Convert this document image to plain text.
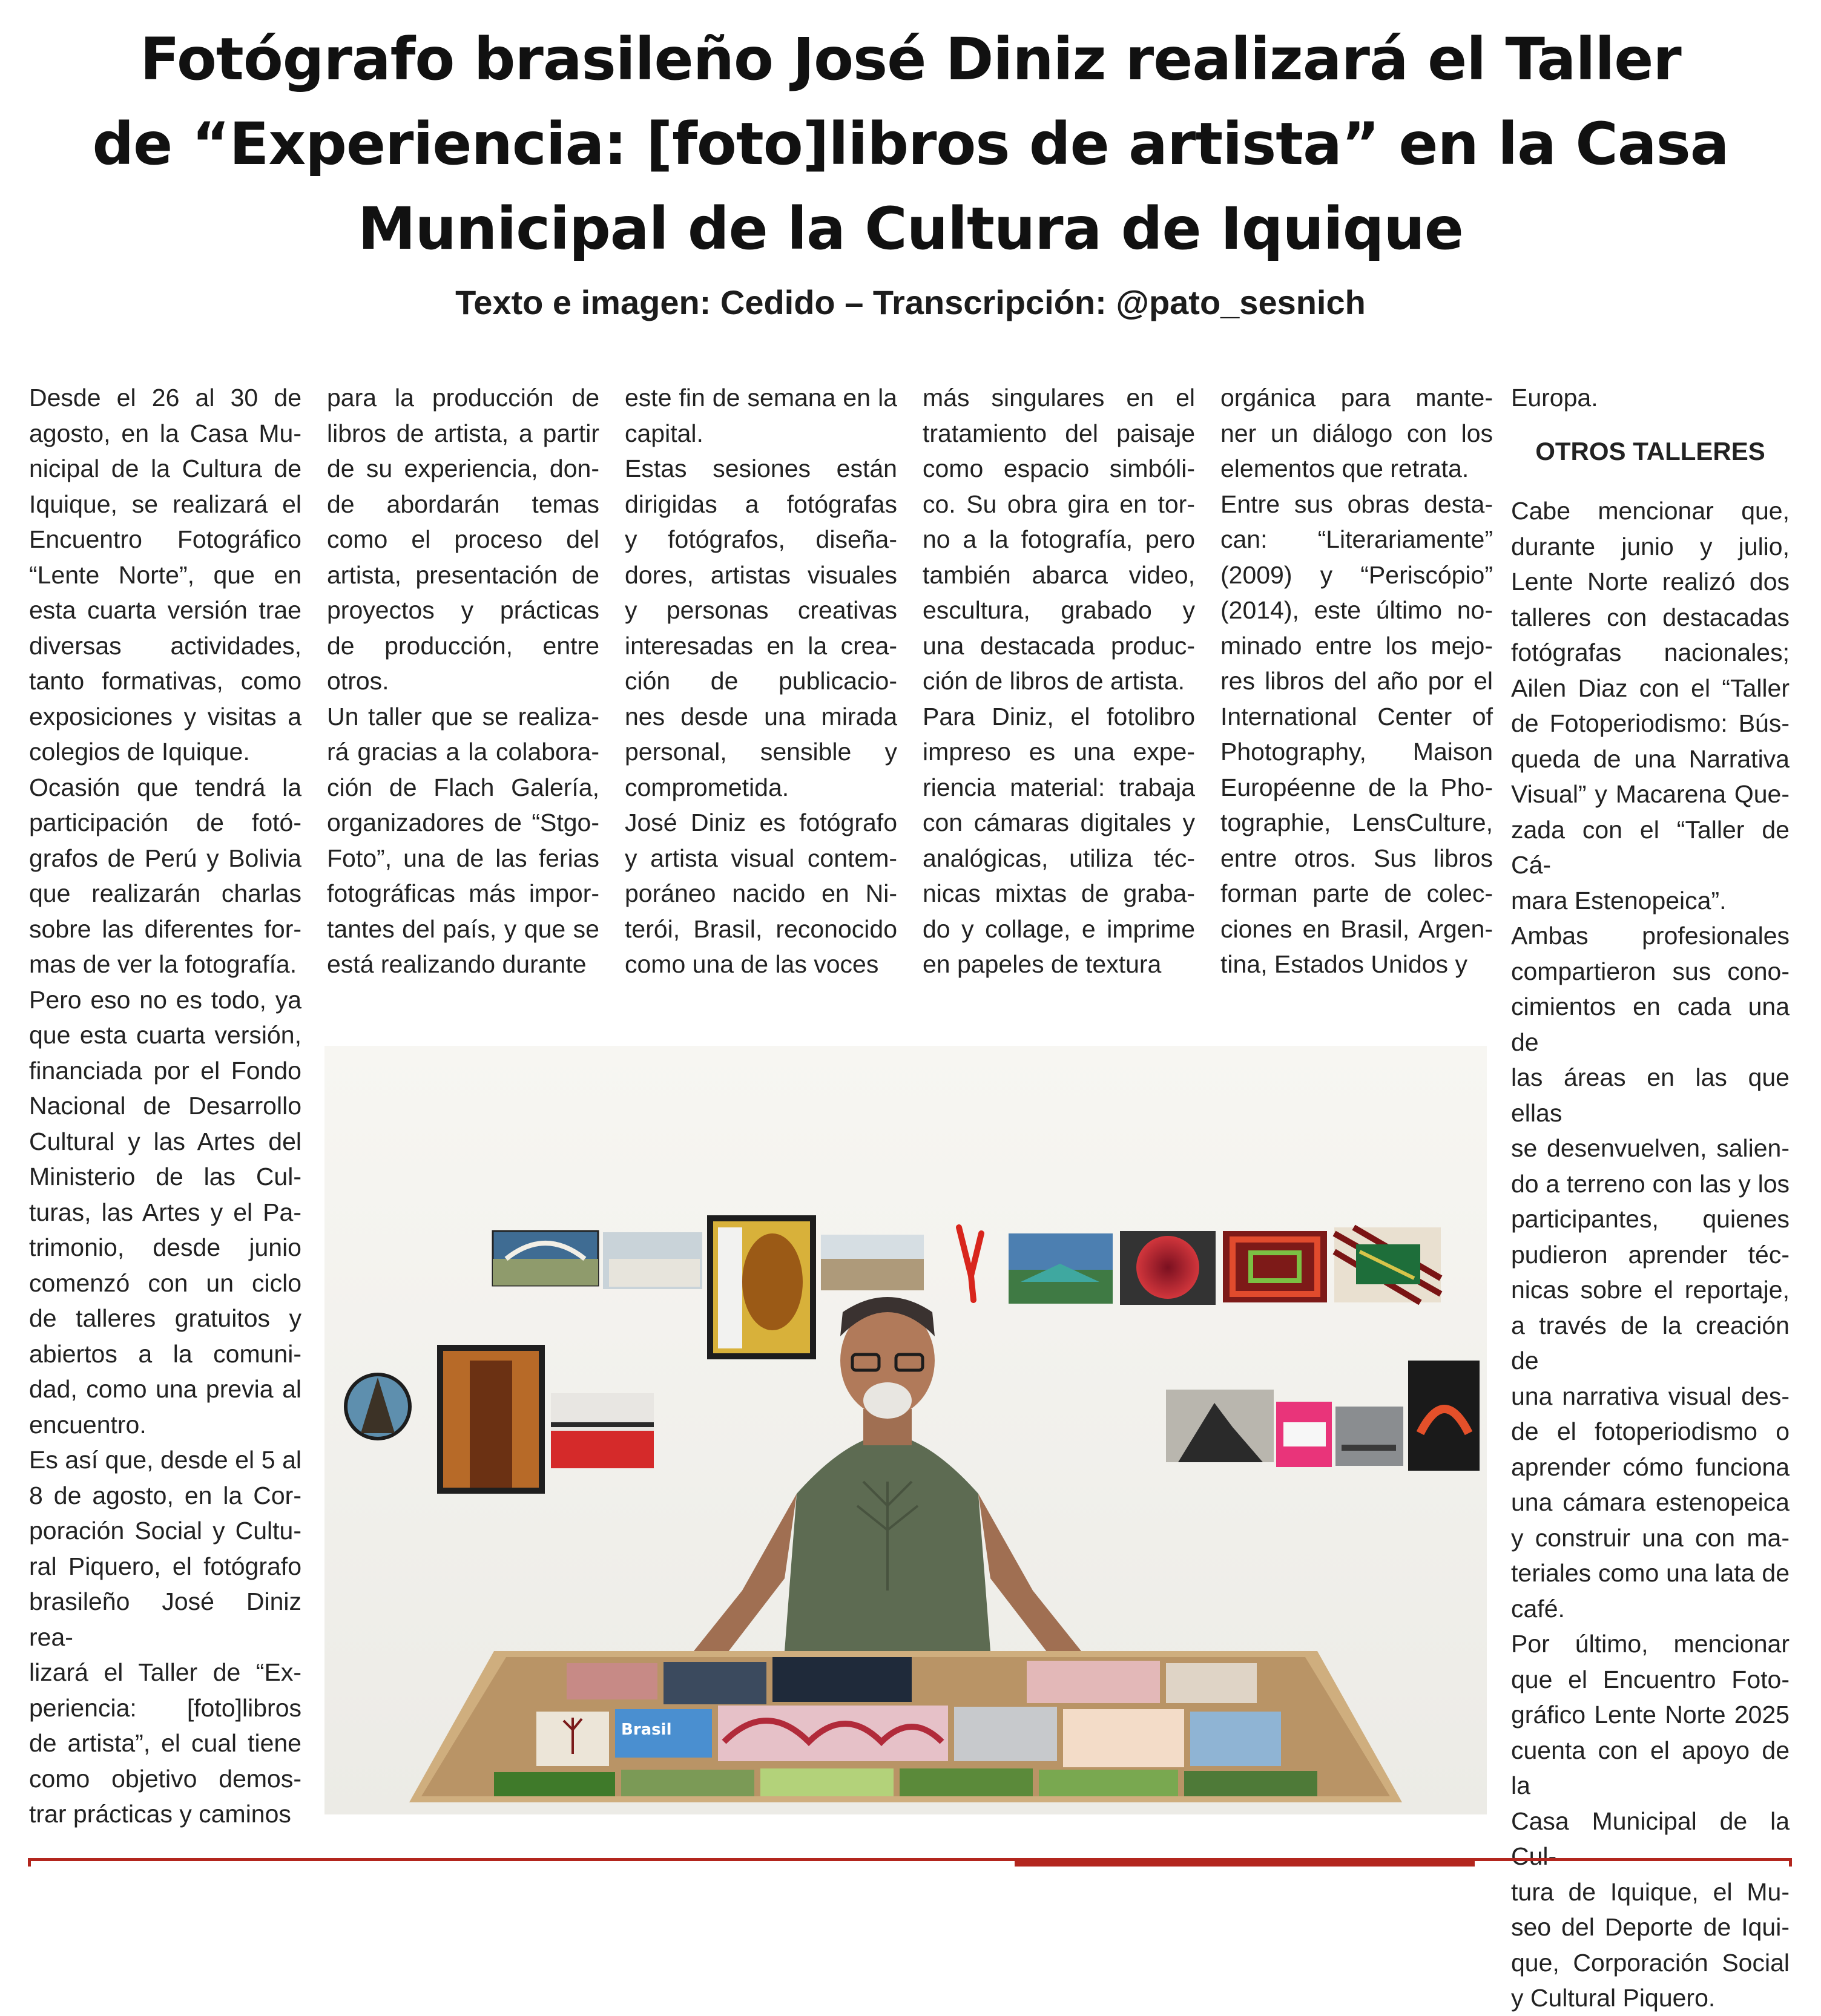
Fotógrafo brasileño José Diniz realizará el Taller
de “Experiencia: [foto]libros de artista” en la Casa
Municipal de la Cultura de Iquique
Texto e imagen: Cedido – Transcripción: @pato_sesnich

Desde el 26 al 30 de
agosto, en la Casa Mu-
nicipal de la Cultura de
Iquique, se realizará el
Encuentro Fotográfico
“Lente Norte”, que en
esta cuarta versión trae
diversas actividades,
tanto formativas, como
exposiciones y visitas a
colegios de Iquique.

Ocasión que tendrá la
participación de fotó-
grafos de Perú y Bolivia
que realizarán charlas
sobre las diferentes for-
mas de ver la fotografía.

Pero eso no es todo, ya
que esta cuarta versión,
financiada por el Fondo
Nacional de Desarrollo
Cultural y las Artes del
Ministerio de las Cul-
turas, las Artes y el Pa-
trimonio, desde junio
comenzó con un ciclo
de talleres gratuitos y
abiertos a la comuni-
dad, como una previa al
encuentro.

Es así que, desde el 5 al
8 de agosto, en la Cor-
poración Social y Cultu-
ral Piquero, el fotógrafo
brasileño José Diniz rea-
lizará el Taller de “Ex-
periencia: [foto]libros
de artista”, el cual tiene
como objetivo demos-
trar prácticas y caminos

para la producción de
libros de artista, a partir
de su experiencia, don-
de abordarán temas
como el proceso del
artista, presentación de
proyectos y prácticas
de producción, entre
otros.

Un taller que se realiza-
rá gracias a la colabora-
ción de Flach Galería,
organizadores de “Stgo-
Foto”, una de las ferias
fotográficas más impor-
tantes del país, y que se
está realizando durante

este fin de semana en la
capital.

Estas sesiones están
dirigidas a fotógrafas
y fotógrafos, diseña-
dores, artistas visuales
y personas creativas
interesadas en la crea-
ción de publicacio-
nes desde una mirada
personal, sensible y
comprometida.

José Diniz es fotógrafo
y artista visual contem-
poráneo nacido en Ni-
terói, Brasil, reconocido
como una de las voces

más singulares en el
tratamiento del paisaje
como espacio simbóli-
co. Su obra gira en tor-
no a la fotografía, pero
también abarca video,
escultura, grabado y
una destacada produc-
ción de libros de artista.

Para Diniz, el fotolibro
impreso es una expe-
riencia material: trabaja
con cámaras digitales y
analógicas, utiliza téc-
nicas mixtas de graba-
do y collage, e imprime
en papeles de textura

orgánica para mante-
ner un diálogo con los
elementos que retrata.

Entre sus obras desta-
can: “Literariamente”
(2009) y “Periscópio”
(2014), este último no-
minado entre los mejo-
res libros del año por el
International Center of
Photography, Maison
Européenne de la Pho-
tographie, LensCulture,
entre otros. Sus libros
forman parte de colec-
ciones en Brasil, Argen-
tina, Estados Unidos y

Europa.

OTROS TALLERES

Cabe mencionar que,
durante junio y julio,
Lente Norte realizó dos
talleres con destacadas
fotógrafas nacionales;
Ailen Diaz con el “Taller
de Fotoperiodismo: Bús-
queda de una Narrativa
Visual” y Macarena Que-
zada con el “Taller de Cá-
mara Estenopeica”.

Ambas profesionales
compartieron sus cono-
cimientos en cada una de
las áreas en las que ellas
se desenvuelven, salien-
do a terreno con las y los
participantes, quienes
pudieron aprender téc-
nicas sobre el reportaje,
a través de la creación de
una narrativa visual des-
de el fotoperiodismo o
aprender cómo funciona
una cámara estenopeica
y construir una con ma-
teriales como una lata de
café.

Por último, mencionar
que el Encuentro Foto-
gráfico Lente Norte 2025
cuenta con el apoyo de la
Casa Municipal de la Cul-
tura de Iquique, el Mu-
seo del Deporte de Iqui-
que, Corporación Social
y Cultural Piquero.

Brasil
